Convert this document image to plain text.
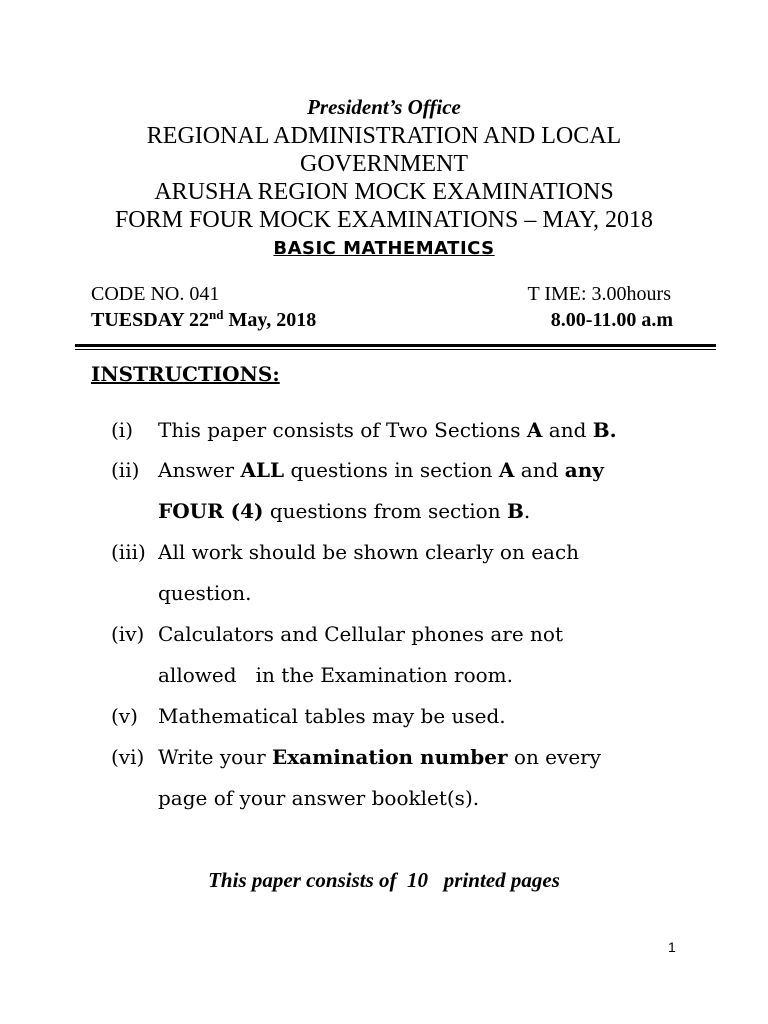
President’s Office
REGIONAL ADMINISTRATION AND LOCAL
GOVERNMENT
ARUSHA REGION MOCK EXAMINATIONS
FORM FOUR MOCK EXAMINATIONS – MAY, 2018
BASIC MATHEMATICS
CODE NO. 041	T IME: 3.00hours
TUESDAY 22nd May, 2018	8.00-11.00 a.m
INSTRUCTIONS:
(i) This paper consists of Two Sections A and B.
(ii) Answer ALL questions in section A and any
FOUR (4) questions from section B.
(iii) All work should be shown clearly on each
question.
(iv) Calculators and Cellular phones are not
allowed   in the Examination room.
(v) Mathematical tables may be used.
(vi) Write your Examination number on every
page of your answer booklet(s).
This paper consists of  10   printed pages
1
